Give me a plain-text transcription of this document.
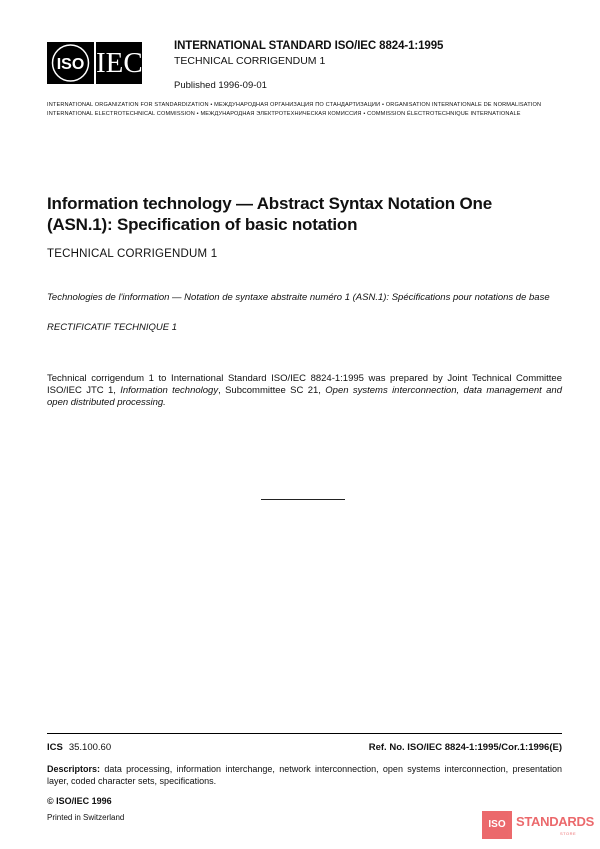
ISO IEC
INTERNATIONAL STANDARD ISO/IEC 8824-1:1995
TECHNICAL CORRIGENDUM 1
Published 1996-09-01
INTERNATIONAL ORGANIZATION FOR STANDARDIZATION • МЕЖДУНАРОДНАЯ ОРГАНИЗАЦИЯ ПО СТАНДАРТИЗАЦИИ • ORGANISATION INTERNATIONALE DE NORMALISATION
INTERNATIONAL ELECTROTECHNICAL COMMISSION • МЕЖДУНАРОДНАЯ ЭЛЕКТРОТЕХНИЧЕСКАЯ КОМИССИЯ • COMMISSION ÉLECTROTECHNIQUE INTERNATIONALE
Information technology — Abstract Syntax Notation One
(ASN.1): Specification of basic notation
TECHNICAL CORRIGENDUM 1
Technologies de l'information — Notation de syntaxe abstraite numéro 1 (ASN.1): Spécifications pour notations de base
RECTIFICATIF TECHNIQUE 1
Technical corrigendum 1 to International Standard ISO/IEC 8824-1:1995 was prepared by Joint Technical Committee ISO/IEC JTC 1, Information technology, Subcommittee SC 21, Open systems interconnection, data management and open distributed processing.
ICS 35.100.60	Ref. No. ISO/IEC 8824-1:1995/Cor.1:1996(E)
Descriptors: data processing, information interchange, network interconnection, open systems interconnection, presentation layer, coded character sets, specifications.
© ISO/IEC 1996
Printed in Switzerland
ISO STANDARDS
STORE
